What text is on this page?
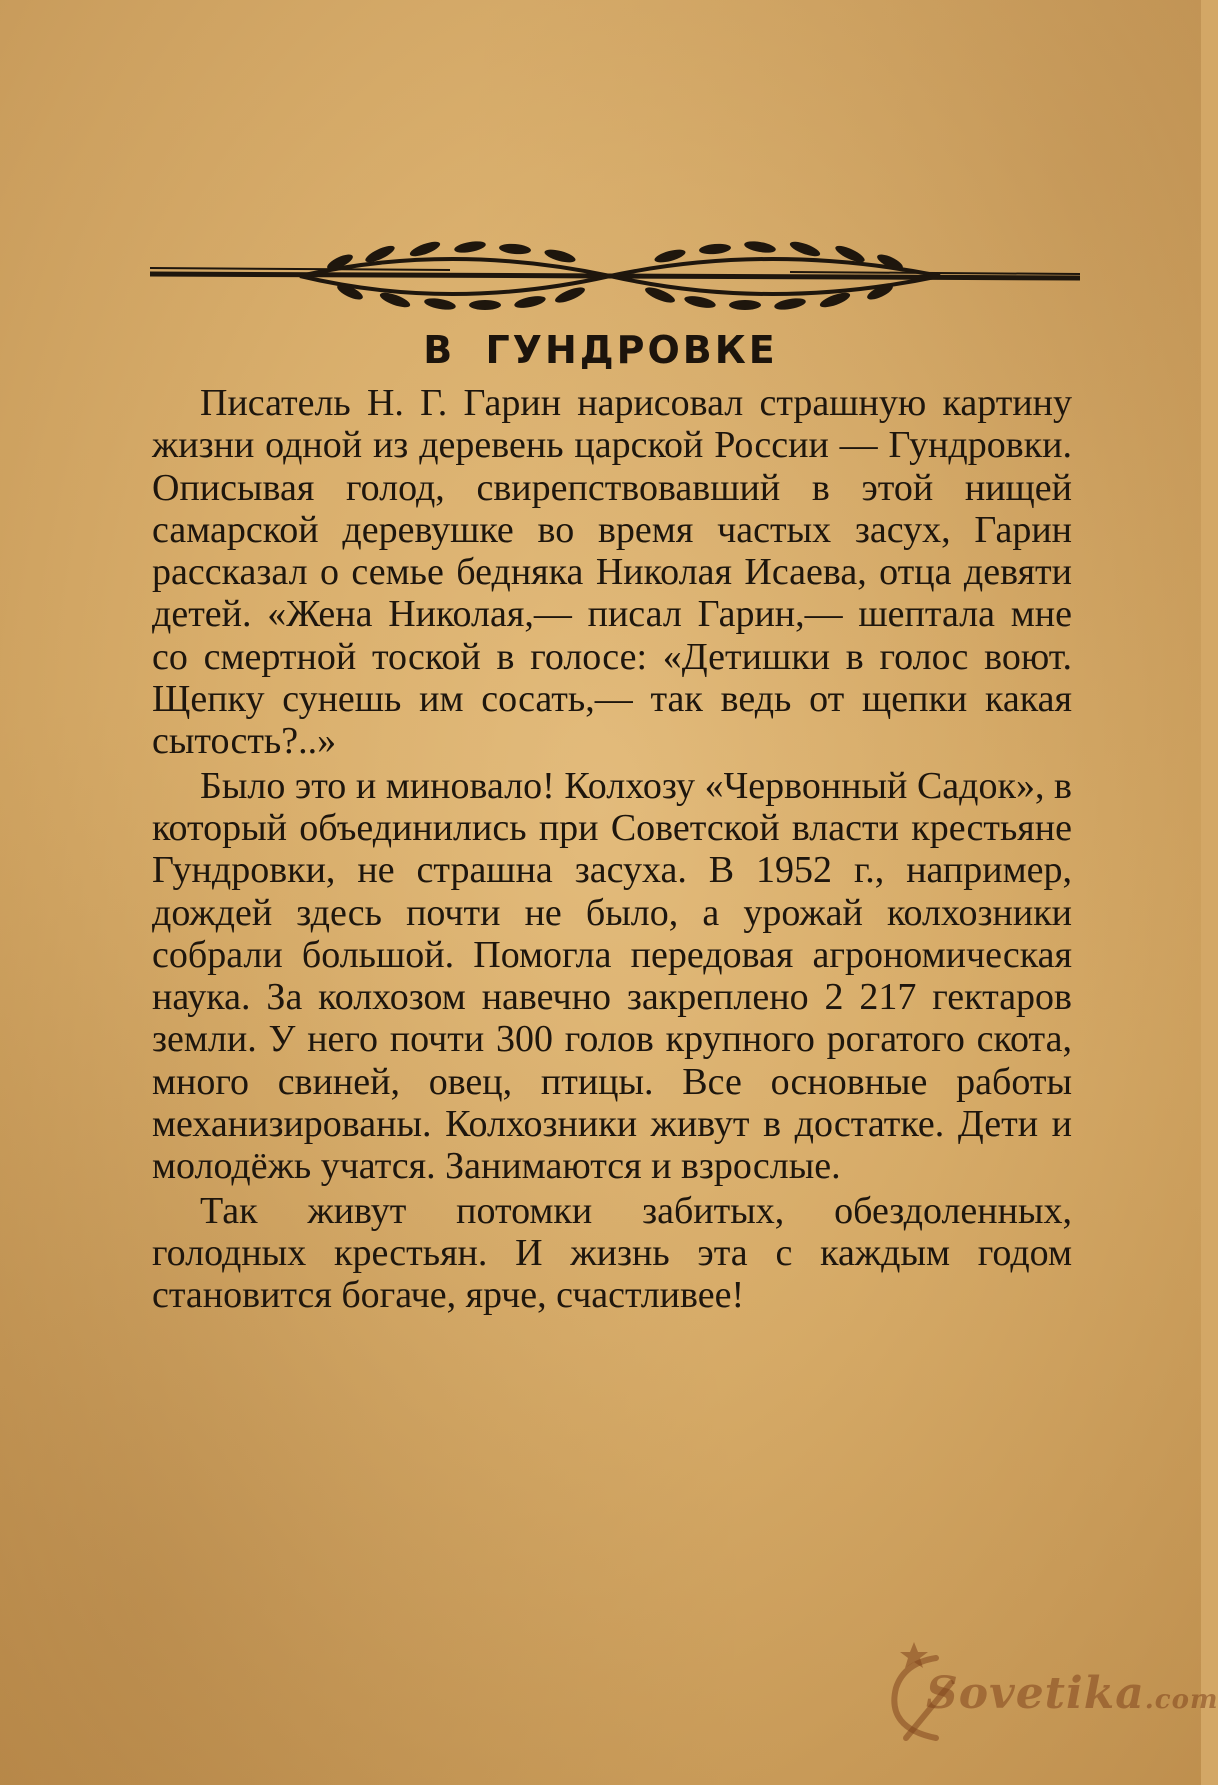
В ГУНДРОВКЕ

Писатель Н. Г. Гарин нарисовал страшную картину жизни одной из деревень царской России — Гундровки. Описывая голод, свирепствовавший в этой нищей самарской деревушке во время частых засух, Гарин рассказал о семье бедняка Николая Исаева, отца девяти детей. «Жена Николая,— писал Гарин,— шептала мне со смертной тоской в голосе: «Детишки в голос воют. Щепку сунешь им сосать,— так ведь от щепки какая сытость?..»

Было это и миновало! Колхозу «Червонный Садок», в который объединились при Советской власти крестьяне Гундровки, не страшна засуха. В 1952 г., например, дождей здесь почти не было, а урожай колхозники собрали большой. Помогла передовая агрономическая наука. За колхозом навечно закреплено 2 217 гектаров земли. У него почти 300 голов крупного рогатого скота, много свиней, овец, птицы. Все основные работы механизированы. Колхозники живут в достатке. Дети и молодёжь учатся. Занимаются и взрослые.

Так живут потомки забитых, обездоленных, голодных крестьян. И жизнь эта с каждым годом становится богаче, ярче, счастливее!

Sovetika.com
